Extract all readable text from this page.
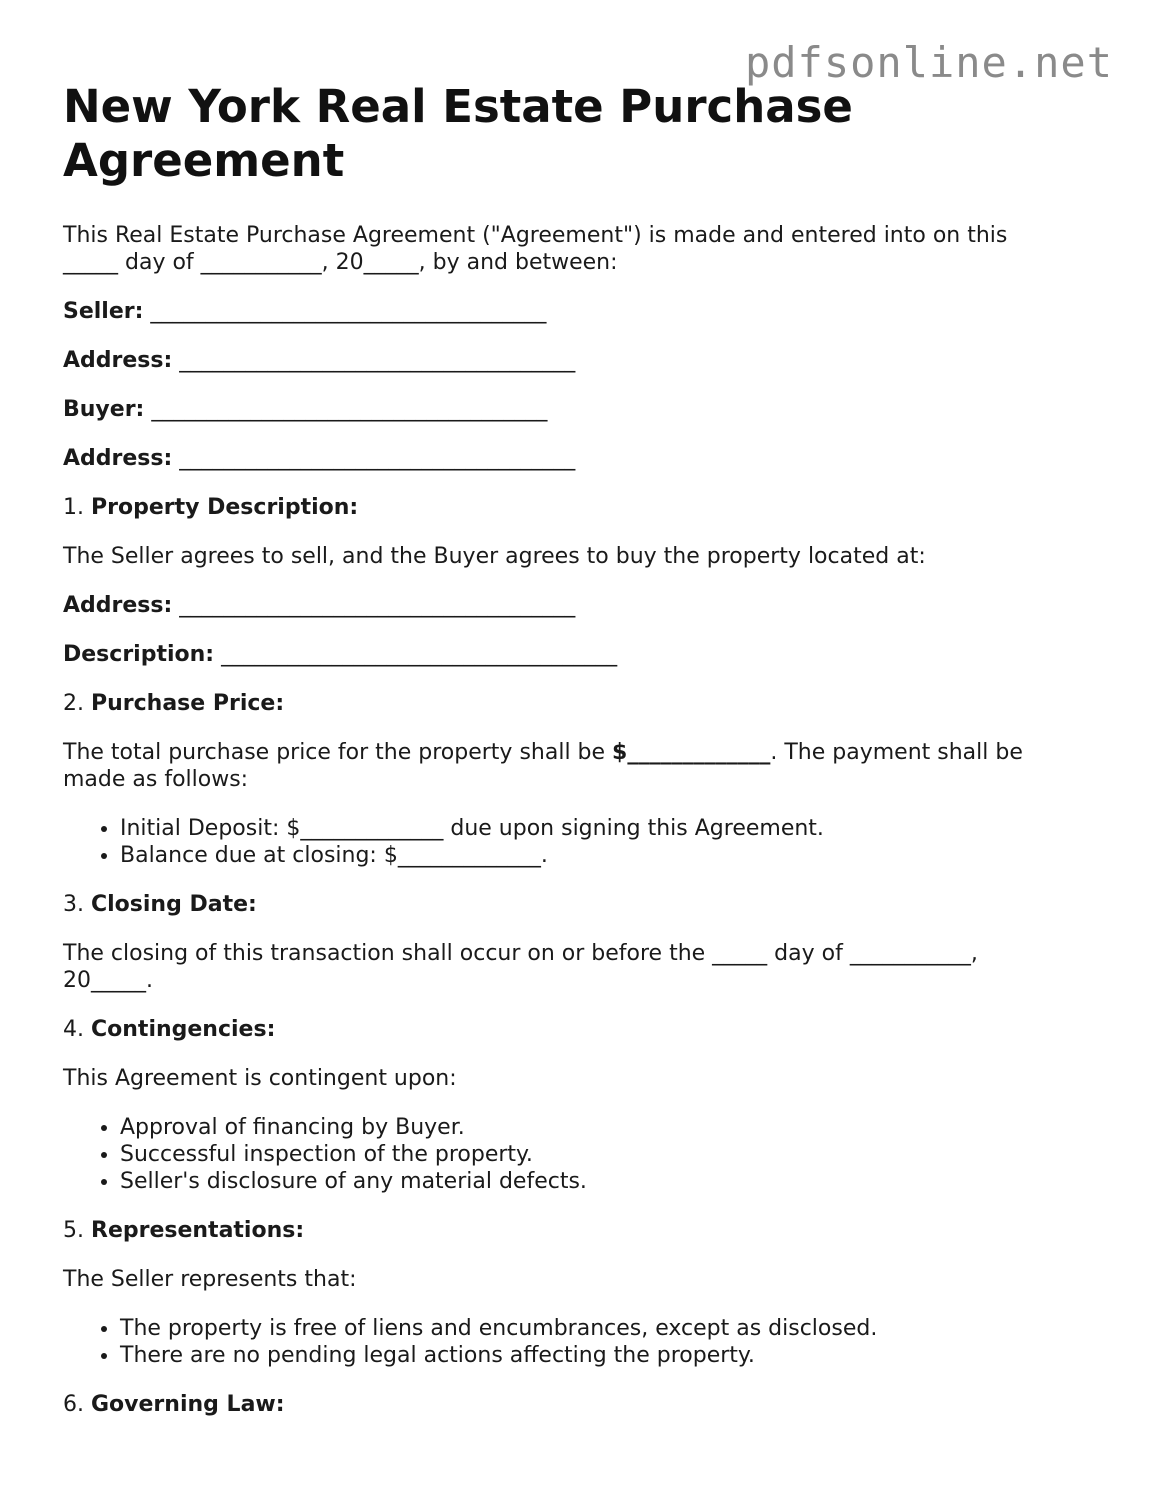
pdfsonline.net
New York Real Estate Purchase Agreement

This Real Estate Purchase Agreement ("Agreement") is made and entered into on this _____ day of ___________, 20_____, by and between:

Seller: ____________________________________
Address: ____________________________________
Buyer: ____________________________________
Address: ____________________________________
1. Property Description:

The Seller agrees to sell, and the Buyer agrees to buy the property located at:

Address: ____________________________________
Description: ____________________________________
2. Purchase Price:

The total purchase price for the property shall be $_____________. The payment shall be made as follows:

• Initial Deposit: $_____________ due upon signing this Agreement.
• Balance due at closing: $_____________.
3. Closing Date:

The closing of this transaction shall occur on or before the _____ day of ___________, 20_____.

4. Contingencies:

This Agreement is contingent upon:

• Approval of financing by Buyer.
• Successful inspection of the property.
• Seller's disclosure of any material defects.
5. Representations:

The Seller represents that:

• The property is free of liens and encumbrances, except as disclosed.
• There are no pending legal actions affecting the property.
6. Governing Law:
